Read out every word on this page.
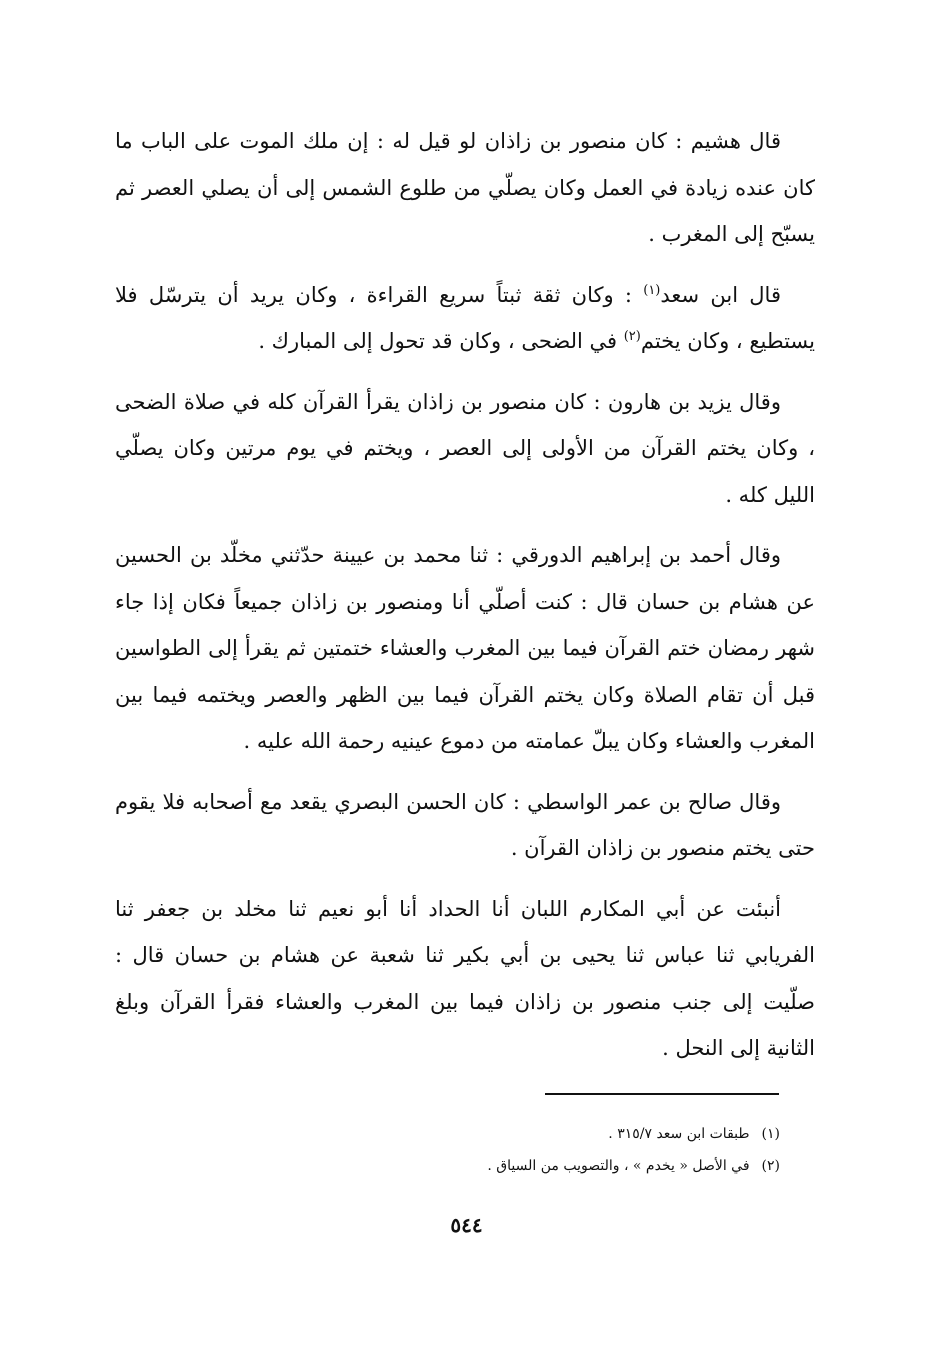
قال هشيم : كان منصور بن زاذان لو قيل له : إن ملك الموت على الباب ما كان عنده زيادة في العمل وكان يصلّي من طلوع الشمس إلى أن يصلي العصر ثم يسبّح إلى المغرب .

قال ابن سعد$^{(١)}$ : وكان ثقة ثبتاً سريع القراءة ، وكان يريد أن يترسّل فلا يستطيع ، وكان يختم$^{(٢)}$ في الضحى ، وكان قد تحول إلى المبارك .

وقال يزيد بن هارون : كان منصور بن زاذان يقرأ القرآن كله في صلاة الضحى ، وكان يختم القرآن من الأولى إلى العصر ، ويختم في يوم مرتين وكان يصلّي الليل كله .

وقال أحمد بن إبراهيم الدورقي : ثنا محمد بن عيينة حدّثني مخلّد بن الحسين عن هشام بن حسان قال : كنت أصلّي أنا ومنصور بن زاذان جميعاً فكان إذا جاء شهر رمضان ختم القرآن فيما بين المغرب والعشاء ختمتين ثم يقرأ إلى الطواسين قبل أن تقام الصلاة وكان يختم القرآن فيما بين الظهر والعصر ويختمه فيما بين المغرب والعشاء وكان يبلّ عمامته من دموع عينيه رحمة الله عليه .

وقال صالح بن عمر الواسطي : كان الحسن البصري يقعد مع أصحابه فلا يقوم حتى يختم منصور بن زاذان القرآن .

أنبئت عن أبي المكارم اللبان أنا الحداد أنا أبو نعيم ثنا مخلد بن جعفر ثنا الفريابي ثنا عباس ثنا يحيى بن أبي بكير ثنا شعبة عن هشام بن حسان قال : صلّيت إلى جنب منصور بن زاذان فيما بين المغرب والعشاء فقرأ القرآن وبلغ الثانية إلى النحل .

(١)طبقات ابن سعد ٣١٥/٧ .

(٢)في الأصل « يخدم » ، والتصويب من السياق .

٥٤٤
